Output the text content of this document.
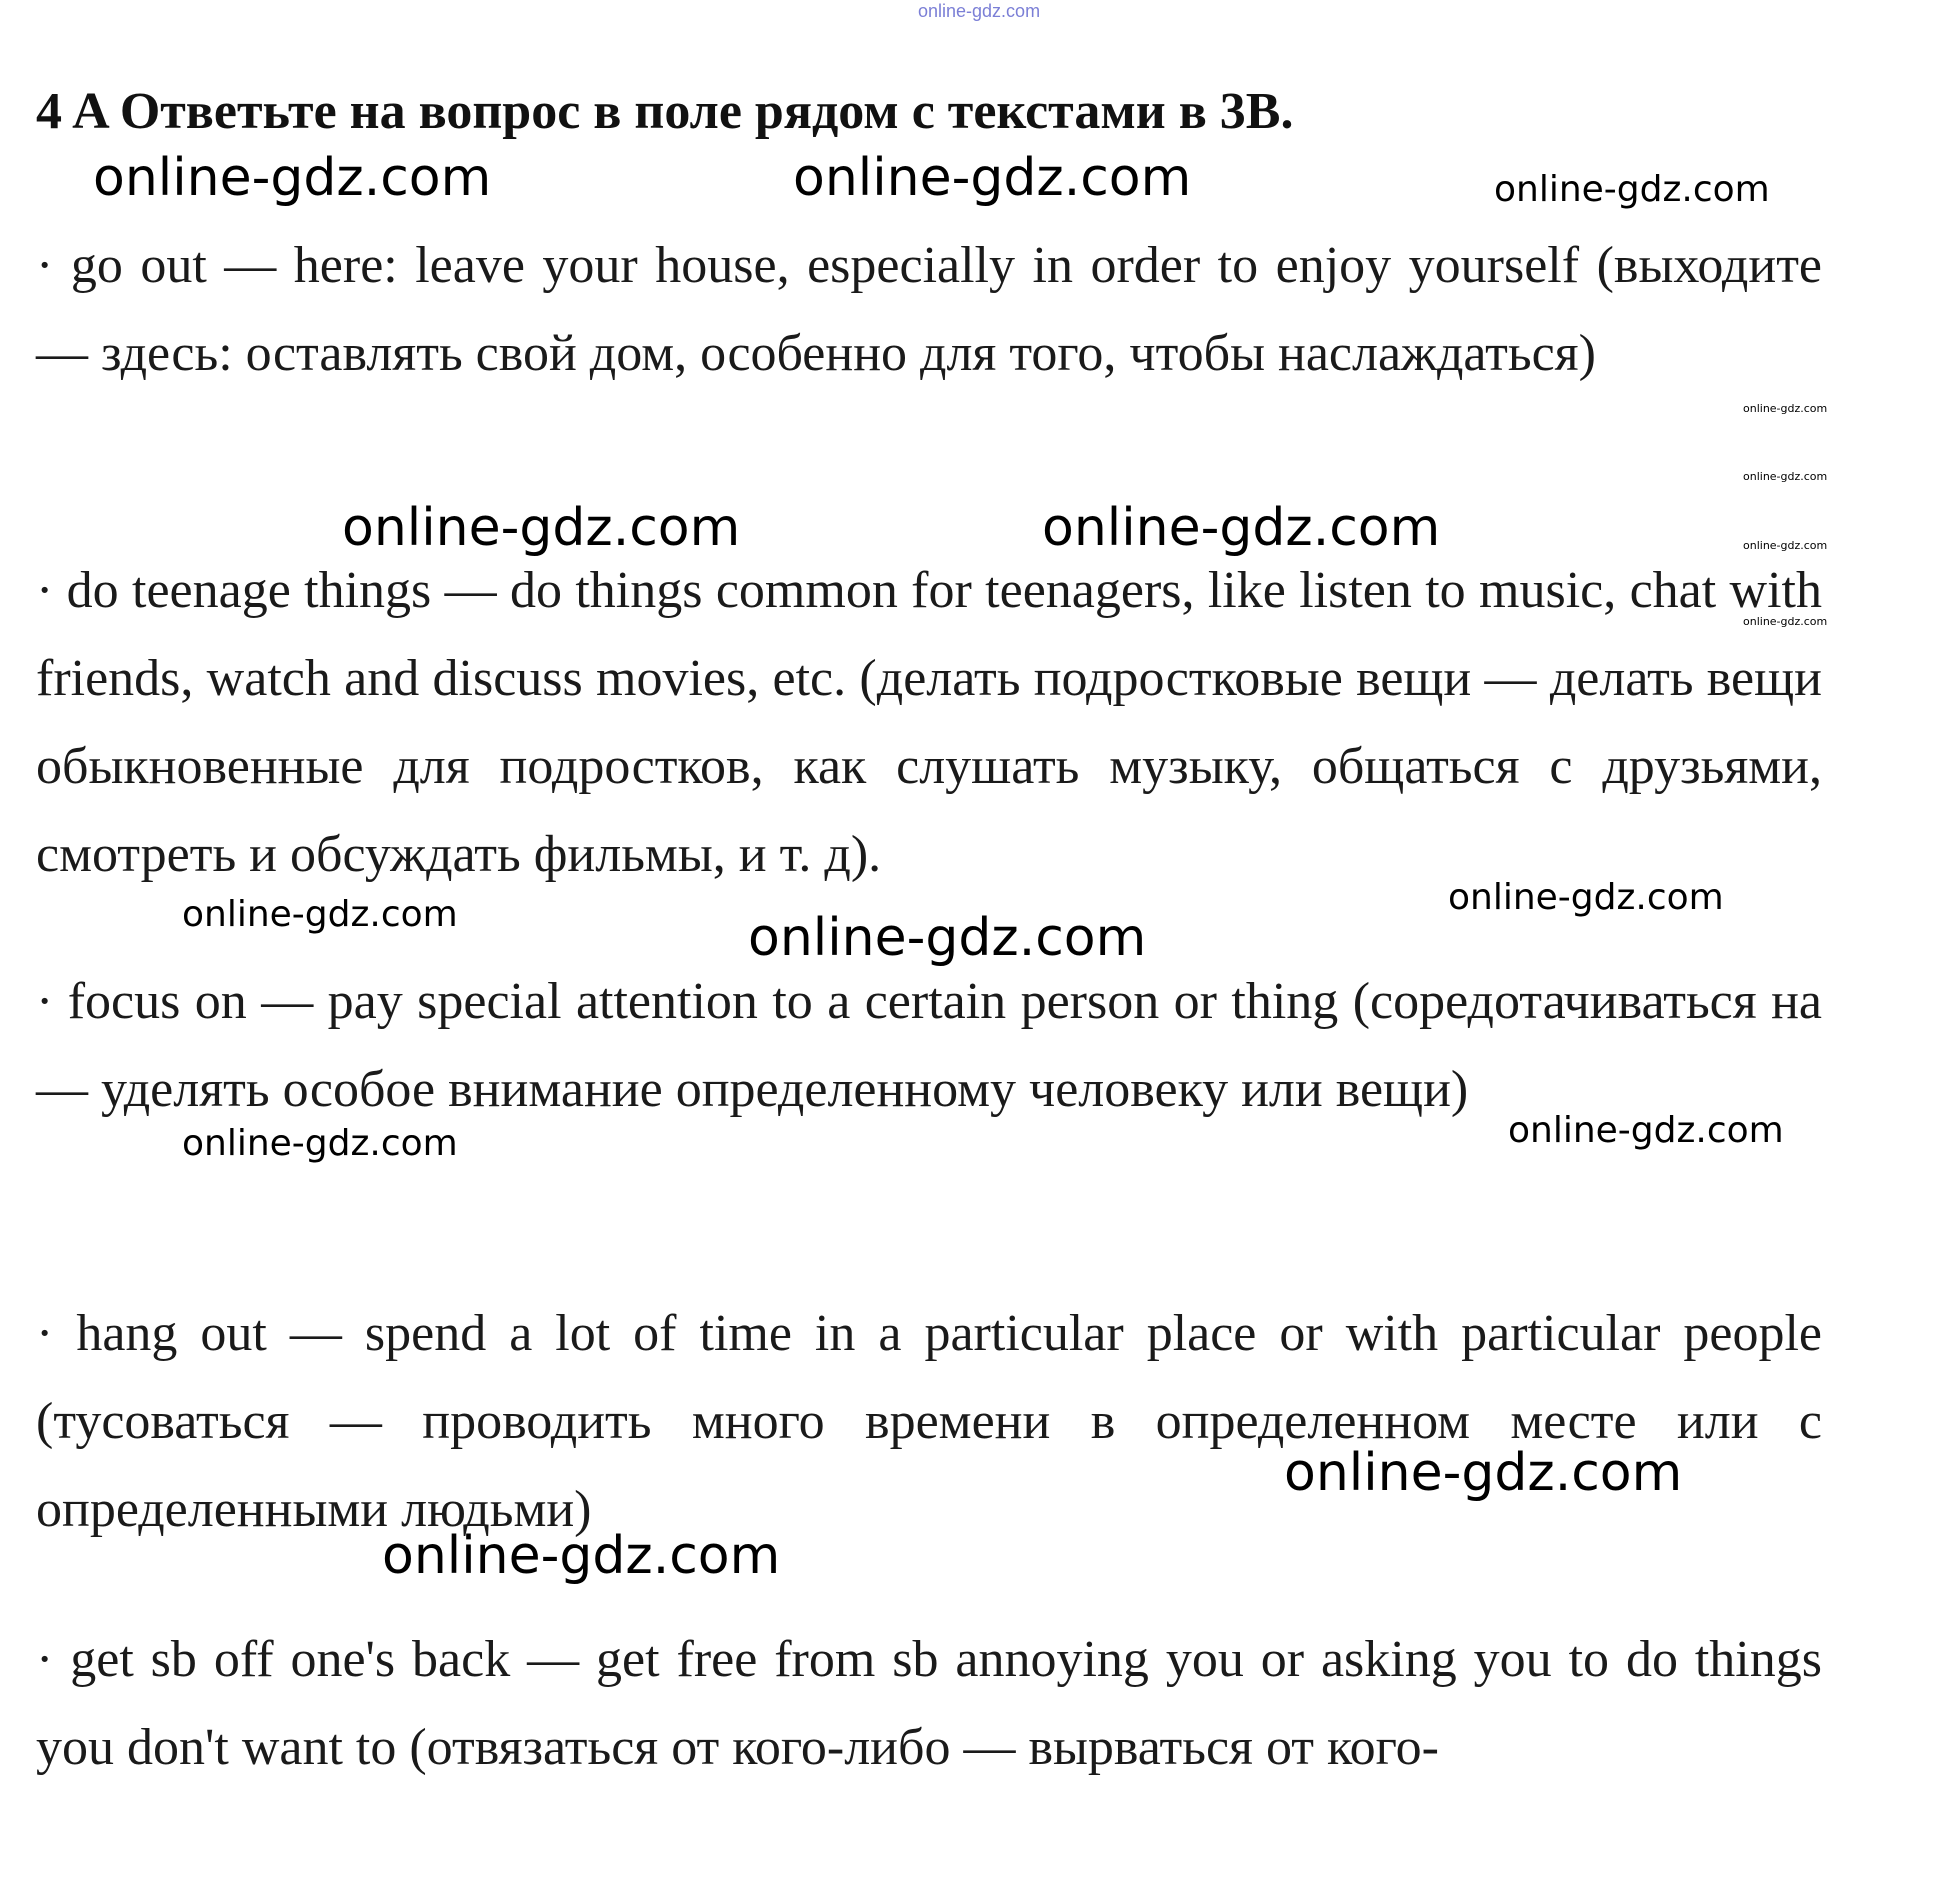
online-gdz.com
4 A Ответьте на вопрос в поле рядом с текстами в 3B.
· go out — here: leave your house, especially in order to enjoy yourself (выходите — здесь: оставлять свой дом, особенно для того, чтобы наслаждаться)
· do teenage things — do things common for teenagers, like listen to music, chat with friends, watch and discuss movies, etc. (делать подростковые вещи — делать вещи обыкновенные для подростков, как слушать музыку, общаться с друзьями, смотреть и обсуждать фильмы, и т. д).
· focus on — pay special attention to a certain person or thing (соредотачиваться на — уделять особое внимание определенному человеку или вещи)
· hang out — spend a lot of time in a particular place or with particular people (тусоваться — проводить много времени в определенном месте или с определенными людьми)
· get sb off one's back — get free from sb annoying you or asking you to do things you don't want to (отвязаться от кого-либо — вырваться от кого-
online-gdz.com	online-gdz.com	online-gdz.com
online-gdz.com
online-gdz.com
online-gdz.com
online-gdz.com
online-gdz.com	online-gdz.com
online-gdz.com	online-gdz.com
online-gdz.com
online-gdz.com	online-gdz.com
online-gdz.com
online-gdz.com
